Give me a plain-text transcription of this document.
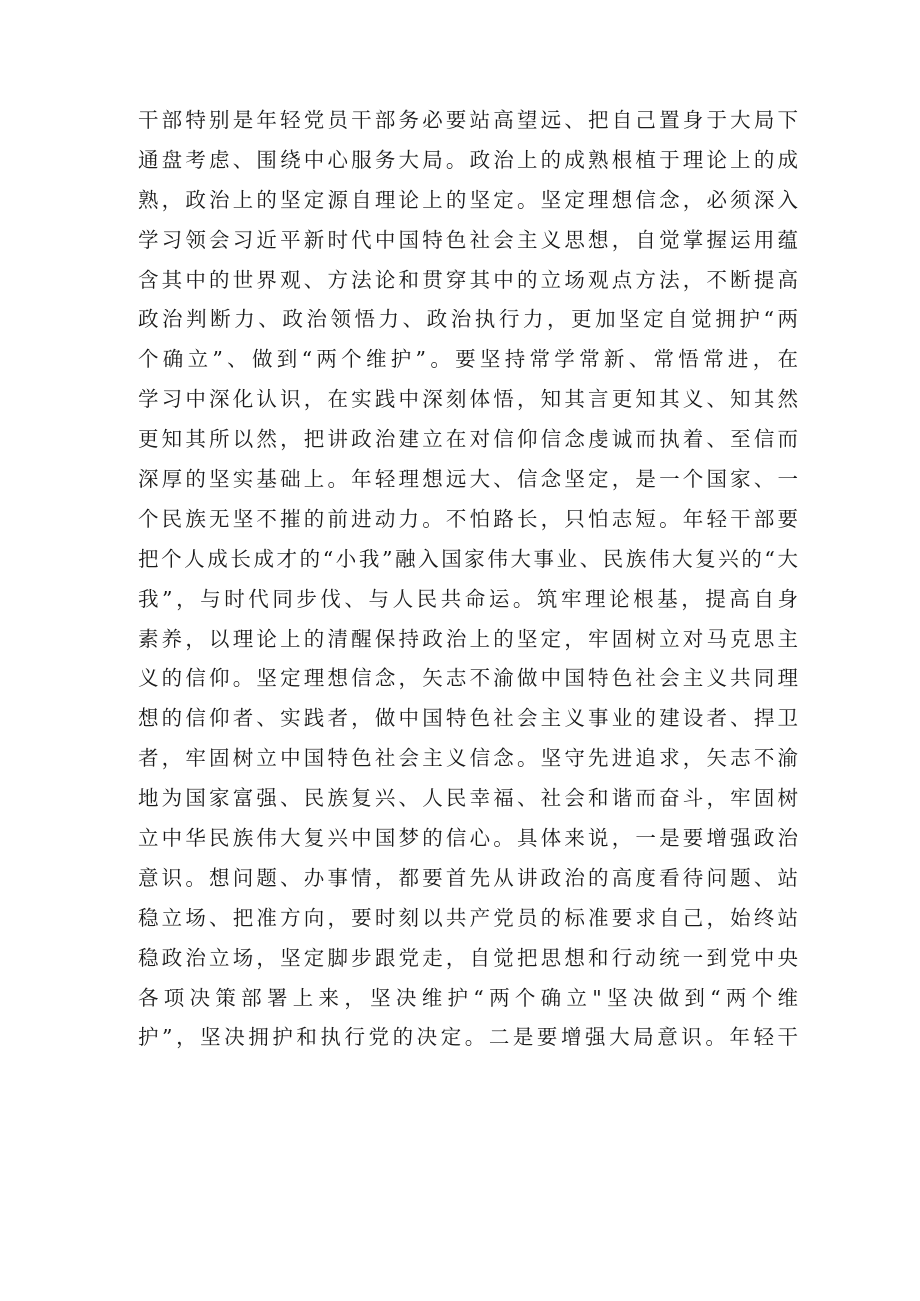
干部特别是年轻党员干部务必要站高望远、把自己置身于大局下
通盘考虑、围绕中心服务大局。政治上的成熟根植于理论上的成
熟，政治上的坚定源自理论上的坚定。坚定理想信念，必须深入
学习领会习近平新时代中国特色社会主义思想，自觉掌握运用蕴
含其中的世界观、方法论和贯穿其中的立场观点方法，不断提高
政治判断力、政治领悟力、政治执行力，更加坚定自觉拥护“两
个确立”、做到“两个维护”。要坚持常学常新、常悟常进，在
学习中深化认识，在实践中深刻体悟，知其言更知其义、知其然
更知其所以然，把讲政治建立在对信仰信念虔诚而执着、至信而
深厚的坚实基础上。年轻理想远大、信念坚定，是一个国家、一
个民族无坚不摧的前进动力。不怕路长，只怕志短。年轻干部要
把个人成长成才的“小我”融入国家伟大事业、民族伟大复兴的“大
我”，与时代同步伐、与人民共命运。筑牢理论根基，提高自身
素养，以理论上的清醒保持政治上的坚定，牢固树立对马克思主
义的信仰。坚定理想信念，矢志不渝做中国特色社会主义共同理
想的信仰者、实践者，做中国特色社会主义事业的建设者、捍卫
者，牢固树立中国特色社会主义信念。坚守先进追求，矢志不渝
地为国家富强、民族复兴、人民幸福、社会和谐而奋斗，牢固树
立中华民族伟大复兴中国梦的信心。具体来说，一是要增强政治
意识。想问题、办事情，都要首先从讲政治的高度看待问题、站
稳立场、把准方向，要时刻以共产党员的标准要求自己，始终站
稳政治立场，坚定脚步跟党走，自觉把思想和行动统一到党中央
各项决策部署上来，坚决维护“两个确立"坚决做到“两个维
护”，坚决拥护和执行党的决定。二是要增强大局意识。年轻干
